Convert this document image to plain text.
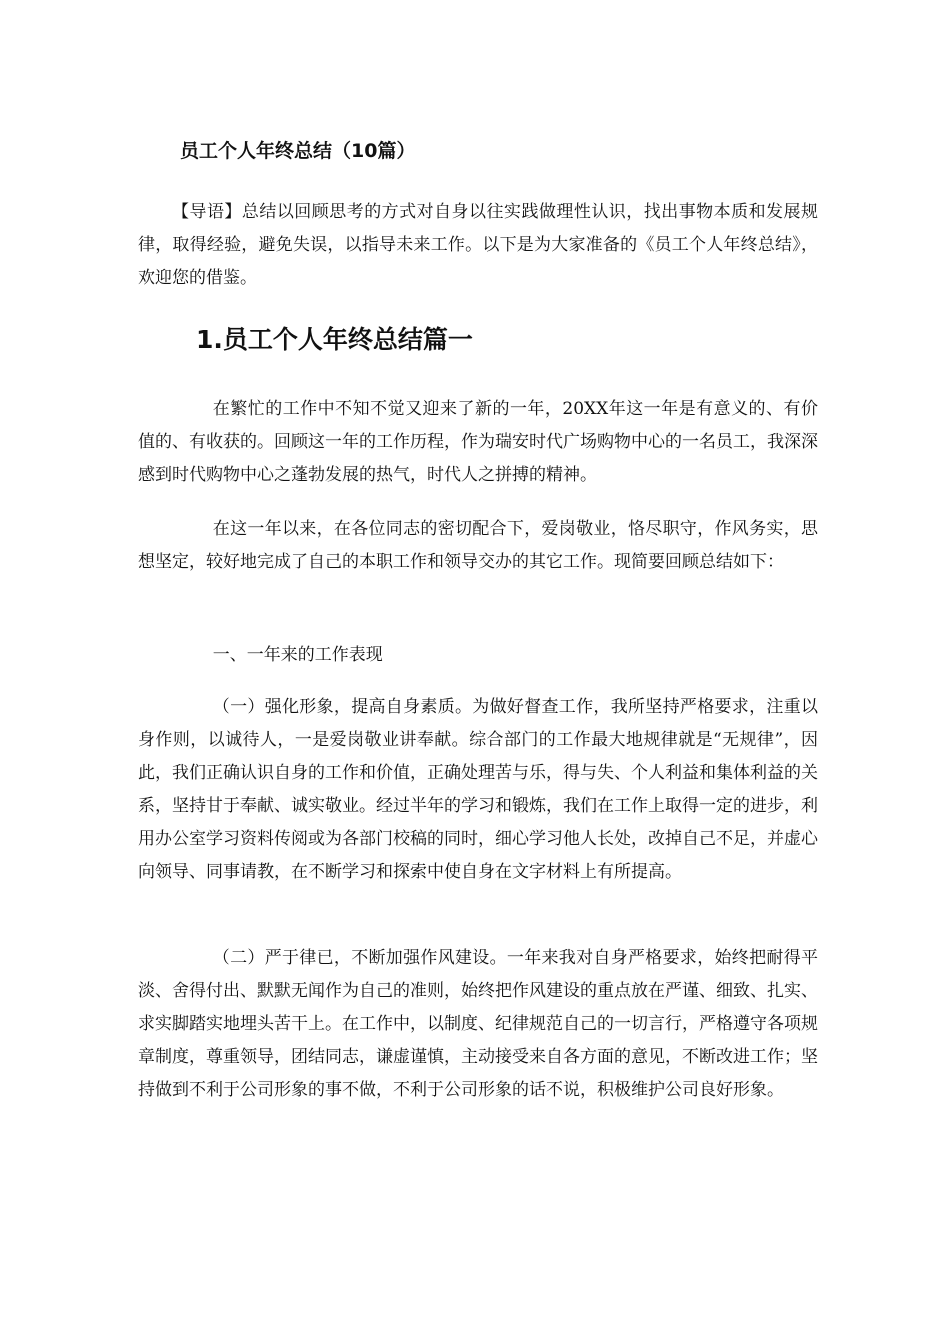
员工个人年终总结（10篇）

【导语】总结以回顾思考的方式对自身以往实践做理性认识，找出事物本质和发展规律，取得经验，避免失误，以指导未来工作。以下是为大家准备的《员工个人年终总结》，欢迎您的借鉴。

1.员工个人年终总结篇一

在繁忙的工作中不知不觉又迎来了新的一年，20XX年这一年是有意义的、有价值的、有收获的。回顾这一年的工作历程，作为瑞安时代广场购物中心的一名员工，我深深感到时代购物中心之蓬勃发展的热气，时代人之拼搏的精神。

在这一年以来，在各位同志的密切配合下，爱岗敬业，恪尽职守，作风务实，思想坚定，较好地完成了自己的本职工作和领导交办的其它工作。现简要回顾总结如下：

一、一年来的工作表现

（一）强化形象，提高自身素质。为做好督查工作，我所坚持严格要求，注重以身作则，以诚待人，一是爱岗敬业讲奉献。综合部门的工作最大地规律就是“无规律”，因此，我们正确认识自身的工作和价值，正确处理苦与乐，得与失、个人利益和集体利益的关系，坚持甘于奉献、诚实敬业。经过半年的学习和锻炼，我们在工作上取得一定的进步，利用办公室学习资料传阅或为各部门校稿的同时，细心学习他人长处，改掉自己不足，并虚心向领导、同事请教，在不断学习和探索中使自身在文字材料上有所提高。

（二）严于律已，不断加强作风建设。一年来我对自身严格要求，始终把耐得平淡、舍得付出、默默无闻作为自己的准则，始终把作风建设的重点放在严谨、细致、扎实、求实脚踏实地埋头苦干上。在工作中，以制度、纪律规范自己的一切言行，严格遵守各项规章制度，尊重领导，团结同志，谦虚谨慎，主动接受来自各方面的意见，不断改进工作；坚持做到不利于公司形象的事不做，不利于公司形象的话不说，积极维护公司良好形象。
